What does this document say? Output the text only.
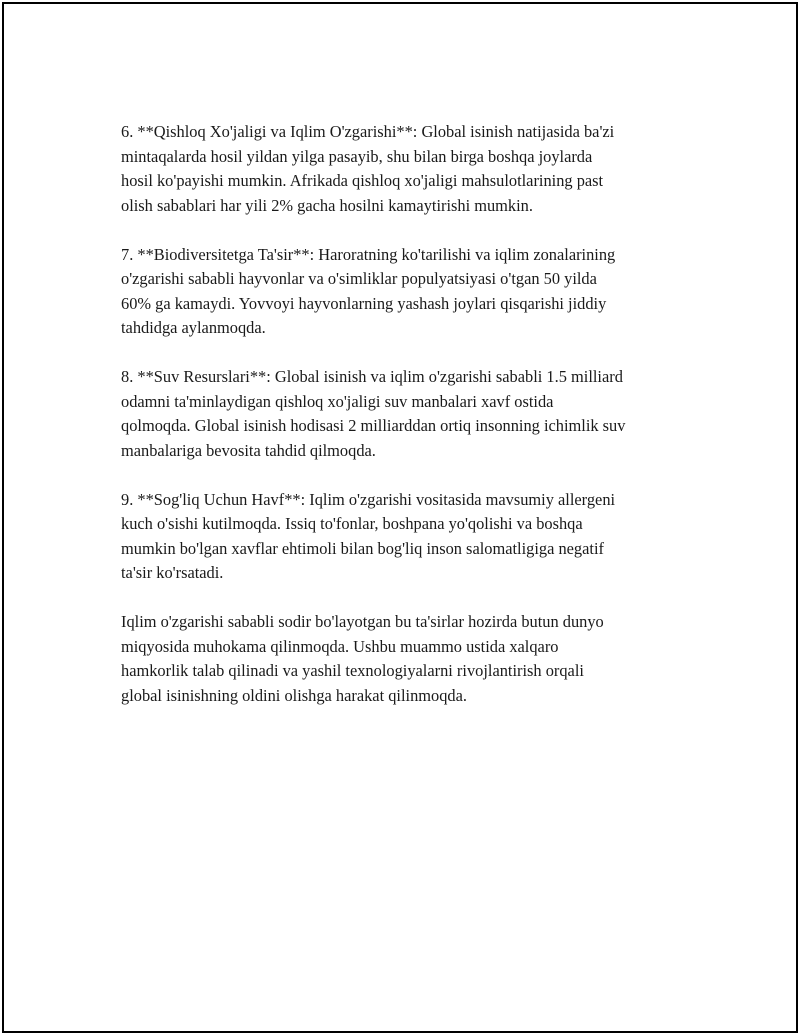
6. **Qishloq Xo'jaligi va Iqlim O'zgarishi**: Global isinish natijasida ba'zi
mintaqalarda hosil yildan yilga pasayib, shu bilan birga boshqa joylarda
hosil ko'payishi mumkin. Afrikada qishloq xo'jaligi mahsulotlarining past
olish sabablari har yili 2% gacha hosilni kamaytirishi mumkin.

7. **Biodiversitetga Ta'sir**: Haroratning ko'tarilishi va iqlim zonalarining
o'zgarishi sababli hayvonlar va o'simliklar populyatsiyasi o'tgan 50 yilda
60% ga kamaydi. Yovvoyi hayvonlarning yashash joylari qisqarishi jiddiy
tahdidga aylanmoqda.

8. **Suv Resurslari**: Global isinish va iqlim o'zgarishi sababli 1.5 milliard
odamni ta'minlaydigan qishloq xo'jaligi suv manbalari xavf ostida
qolmoqda. Global isinish hodisasi 2 milliarddan ortiq insonning ichimlik suv
manbalariga bevosita tahdid qilmoqda.

9. **Sog'liq Uchun Havf**: Iqlim o'zgarishi vositasida mavsumiy allergeni
kuch o'sishi kutilmoqda. Issiq to'fonlar, boshpana yo'qolishi va boshqa
mumkin bo'lgan xavflar ehtimoli bilan bog'liq inson salomatligiga negatif
ta'sir ko'rsatadi.

Iqlim o'zgarishi sababli sodir bo'layotgan bu ta'sirlar hozirda butun dunyo
miqyosida muhokama qilinmoqda. Ushbu muammo ustida xalqaro
hamkorlik talab qilinadi va yashil texnologiyalarni rivojlantirish orqali
global isinishning oldini olishga harakat qilinmoqda.
